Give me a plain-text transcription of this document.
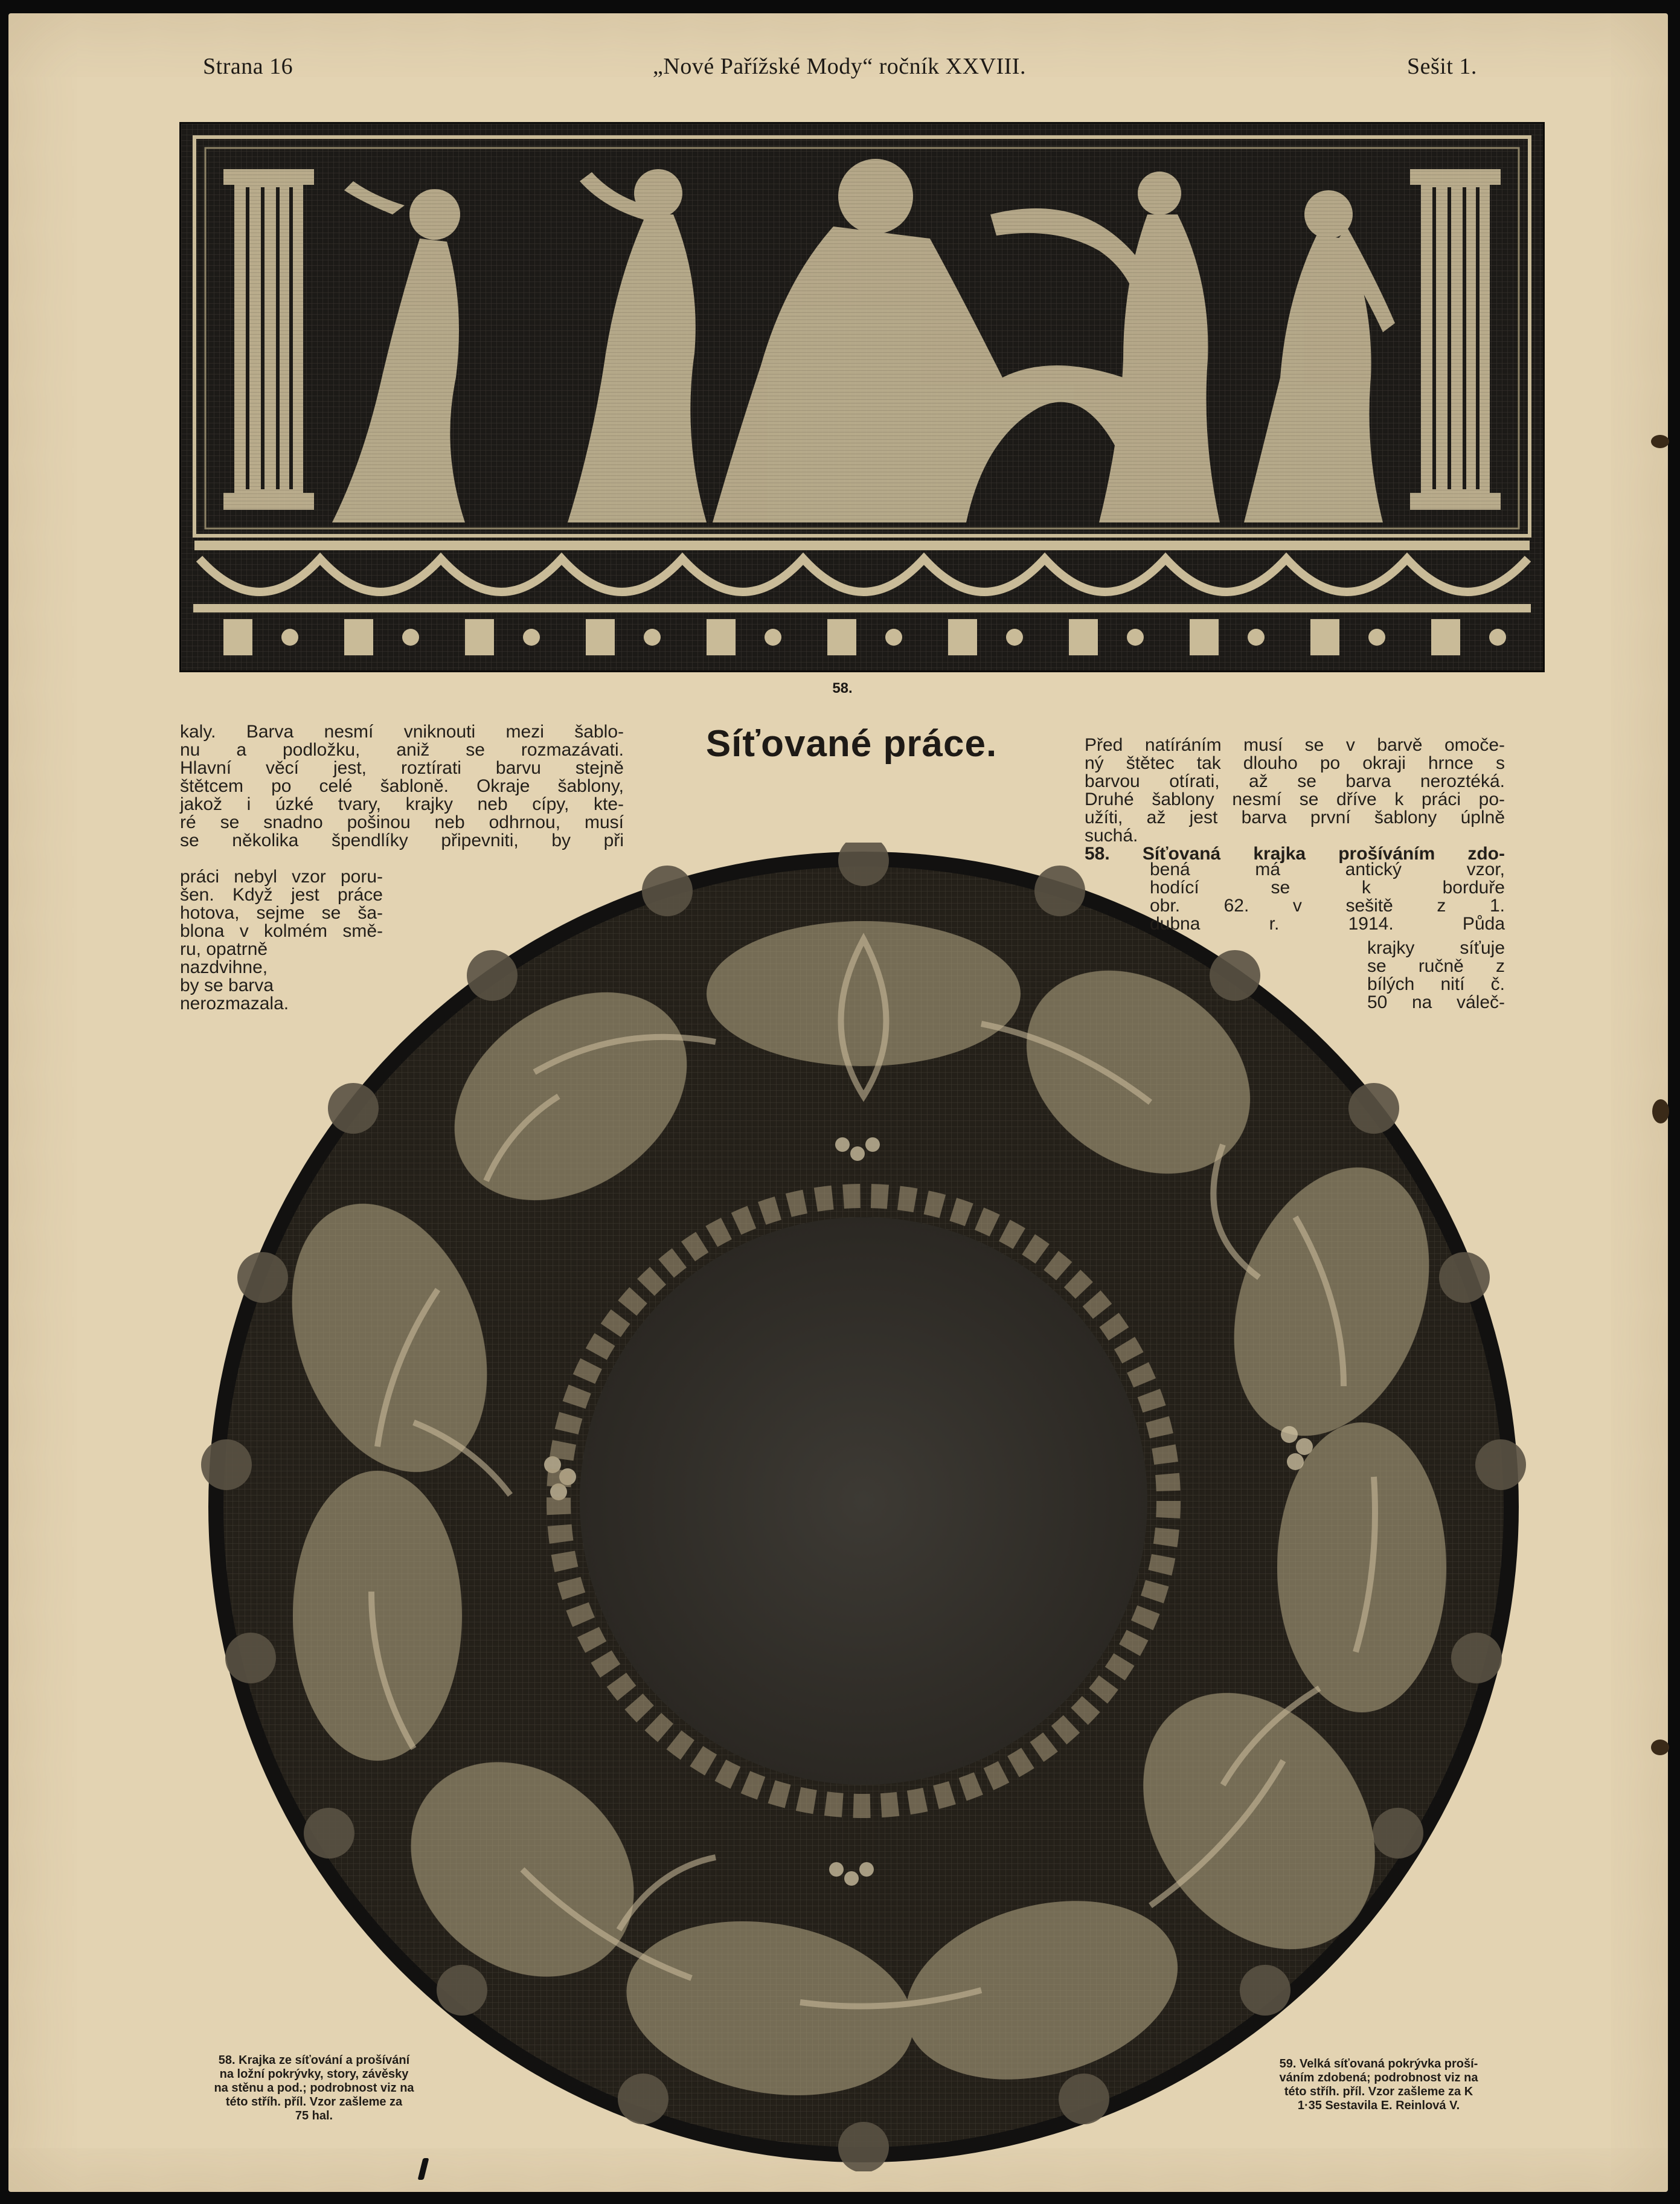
Strana 16	„Nové Pařížské Mody“ ročník XXVIII.	Sešit 1.
58.
Síťované práce.
kaly. Barva nesmí vniknouti mezi šablo-
nu a podložku, aniž se rozmazávati.
Hlavní věcí jest, roztírati barvu stejně
štětcem po celé šabloně. Okraje šablony,
jakož i úzké tvary, krajky neb cípy, kte-
ré se snadno pošinou neb odhrnou, musí
se několika špendlíky připevniti, by při
práci nebyl vzor poru-
šen. Když jest práce
hotova, sejme se ša-
blona v kolmém smě-
ru, opatrně
nazdvihne,
by se barva
nerozmazala.
Před natíráním musí se v barvě omoče-
ný štětec tak dlouho po okraji hrnce s
barvou otírati, až se barva neroztéká.
Druhé šablony nesmí se dříve k práci po-
užíti, až jest barva první šablony úplně
suchá.
58. Síťovaná krajka prošíváním zdo-
bená má antický vzor,
hodící se k borduře
obr. 62. v sešitě z 1.
dubna r. 1914. Půda
krajky síťuje
se ručně z
bílých nití č.
50 na váleč-
58. Krajka ze síťování a prošívání
na ložní pokrývky, story, závěsky
na stěnu a pod.; podrobnost viz na
této stříh. příl. Vzor zašleme za
75 hal.
59. Velká síťovaná pokrývka proší-
váním zdobená; podrobnost viz na
této stříh. příl. Vzor zašleme za K
1·35 Sestavila E. Reinlová V.
